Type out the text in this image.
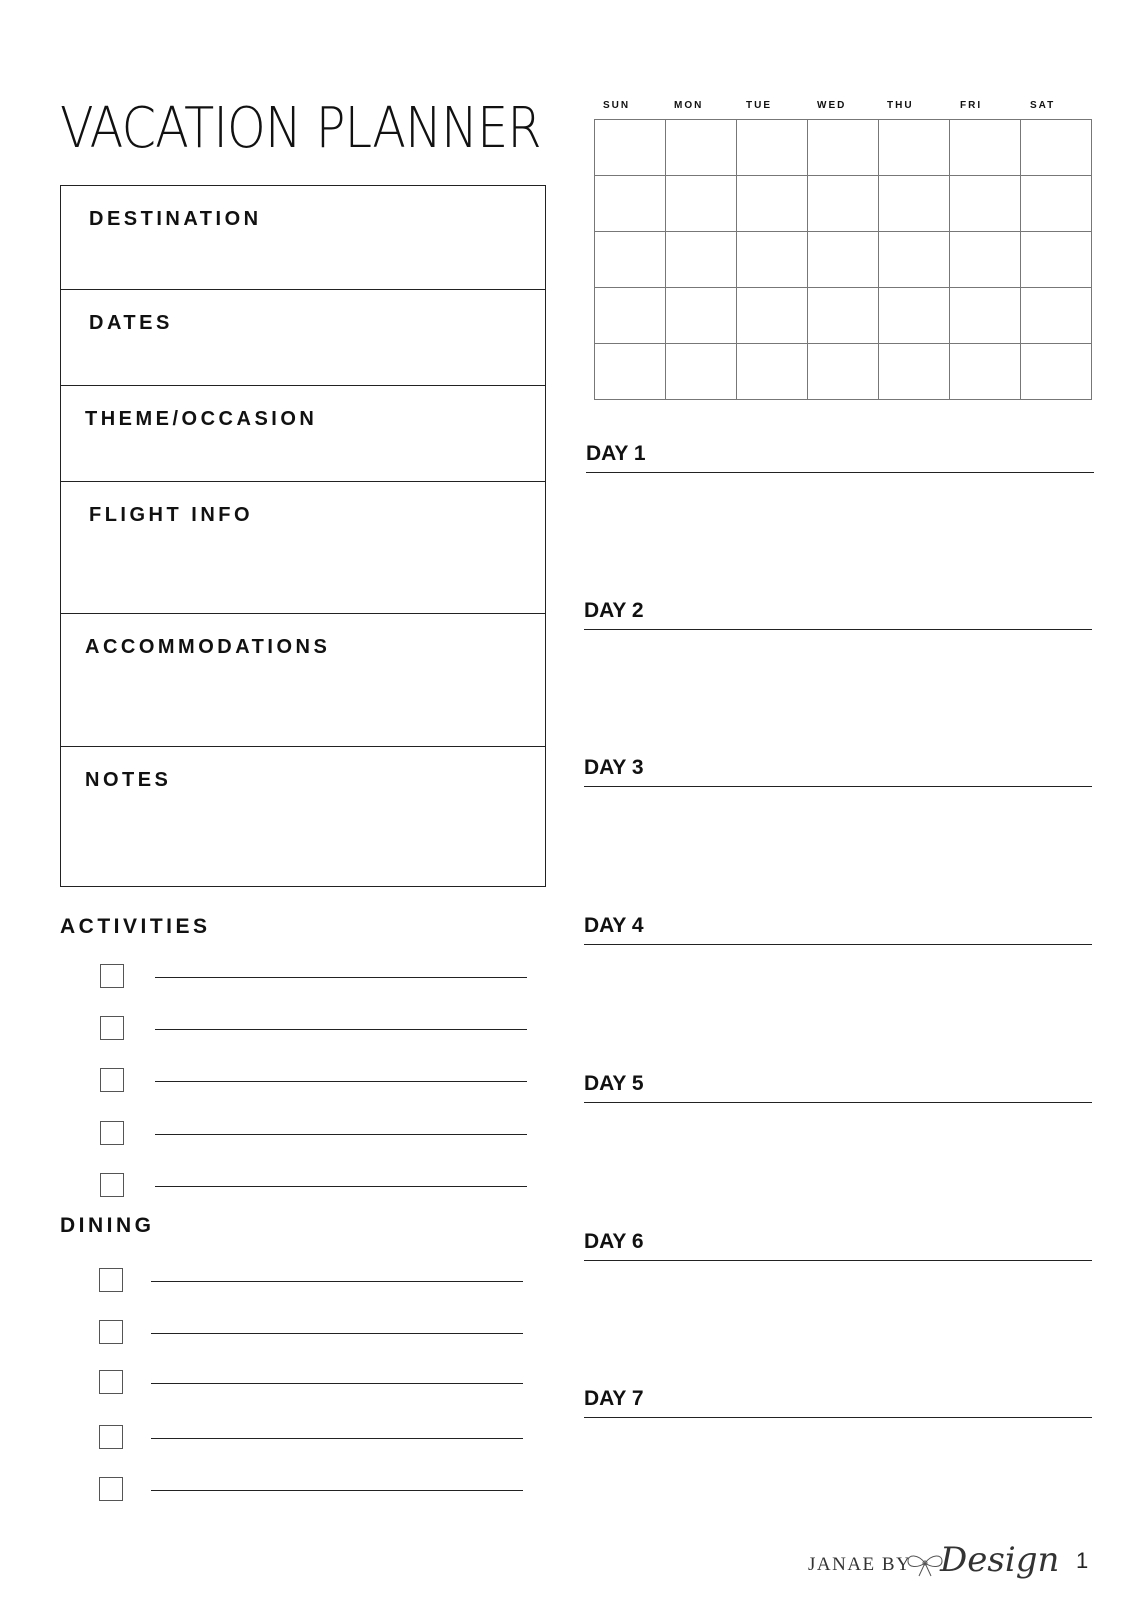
VACATION PLANNER
DESTINATION
DATES
THEME/OCCASION
FLIGHT INFO
ACCOMMODATIONS
NOTES
ACTIVITIES
DINING
SUN	MON	TUE	WED	THU	FRI	SAT
DAY 1
DAY 2
DAY 3
DAY 4
DAY 5
DAY 6
DAY 7
JANAE BY Design 1
